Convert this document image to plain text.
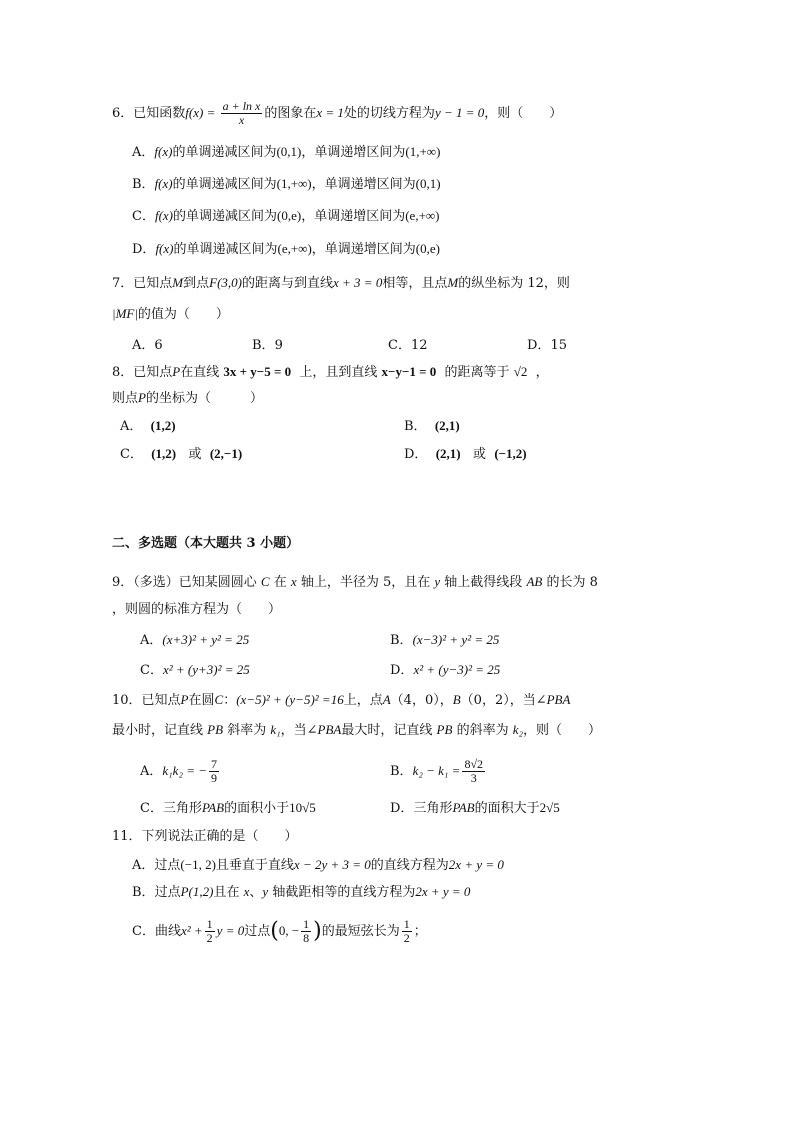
6．已知函数$f(x) = \frac{\text{a + ln x}}{x}$ 的图象在x = 1处的切线方程为y − 1 = 0，则（　　）
A．f(x)的单调递减区间为(0,1)，单调递增区间为(1,+∞)
B．f(x)的单调递减区间为(1,+∞)，单调递增区间为(0,1)
C．f(x)的单调递减区间为(0,e)，单调递增区间为(e,+∞)
D．f(x)的单调递减区间为(e,+∞)，单调递增区间为(0,e)
7．已知点M到点F(3,0)的距离与到直线x + 3 = 0相等，且点M的纵坐标为 12，则
|MF|的值为（　　）
A．6	B．9	C．12	D．15
8．已知点P在直线 3x + y−5 = 0 上，且到直线 x−y−1 = 0 的距离等于 √2 ，
则点P的坐标为（　　　）
A． (1,2)	B． (2,1)
C． (1,2) 或 (2,−1)	D． (2,1) 或 (−1,2)
二、多选题（本大题共 3 小题）
9．（多选）已知某圆圆心 C 在 x 轴上，半径为 5，且在 y 轴上截得线段 AB 的长为 8
，则圆的标准方程为（　　）
A．(x+3)² + y² = 25	B．(x−3)² + y² = 25
C．x² + (y+3)² = 25	D．x² + (y−3)² = 25
10．已知点P在圆C：(x−5)² + (y−5)² =16上，点A（4，0），B（0，2），当∠PBA
最小时，记直线 PB 斜率为 k₁，当∠PBA最大时，记直线 PB 的斜率为 k₂，则（　　）
A．k₁k₂ = − $\frac{7}{9}$	B．$k_2 - k_1 = \frac{8√2}{3}$
C．三角形PAB的面积小于10√5	D．三角形PAB的面积大于2√5
11．下列说法正确的是（　　）
A．过点(−1, 2)且垂直于直线x − 2y + 3 = 0的直线方程为2x + y = 0
B．过点P(1,2)且在 x、y 轴截距相等的直线方程为2x + y = 0
C．曲线$x^2 + \frac{1}{2}$ y = 0过点(0, − $\frac{1}{8}$ )的最短弦长为 $\frac{1}{2}$ ；
